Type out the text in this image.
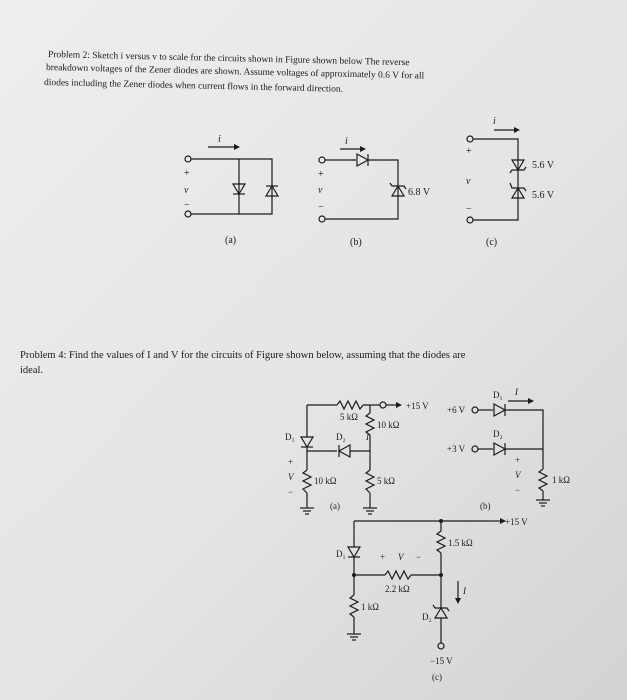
Problem 2: Sketch i versus v to scale for the circuits shown in Figure shown below The reverse
breakdown voltages of the Zener diodes are shown. Assume voltages of approximately 0.6 V for all
diodes including the Zener diodes when current flows in the forward direction.
Problem 4: Find the values of I and V for the circuits of Figure shown below, assuming that the diodes are
ideal.
i
+
v
−
(a)
i
+
v
−
6.8 V
(b)
i
+
v
−
5.6 V
5.6 V
(c)
+15 V
5 kΩ
D₁
10 kΩ
10 kΩ
D₂ I
5 kΩ
+
V
−
(a)
+6 V
D₁ I
+3 V
D₂
1 kΩ
+
V
−
(b)
+15 V
D₁	+ V −
2.2 kΩ
1.5 kΩ
1 kΩ
I
D₂
−15 V
(c)
